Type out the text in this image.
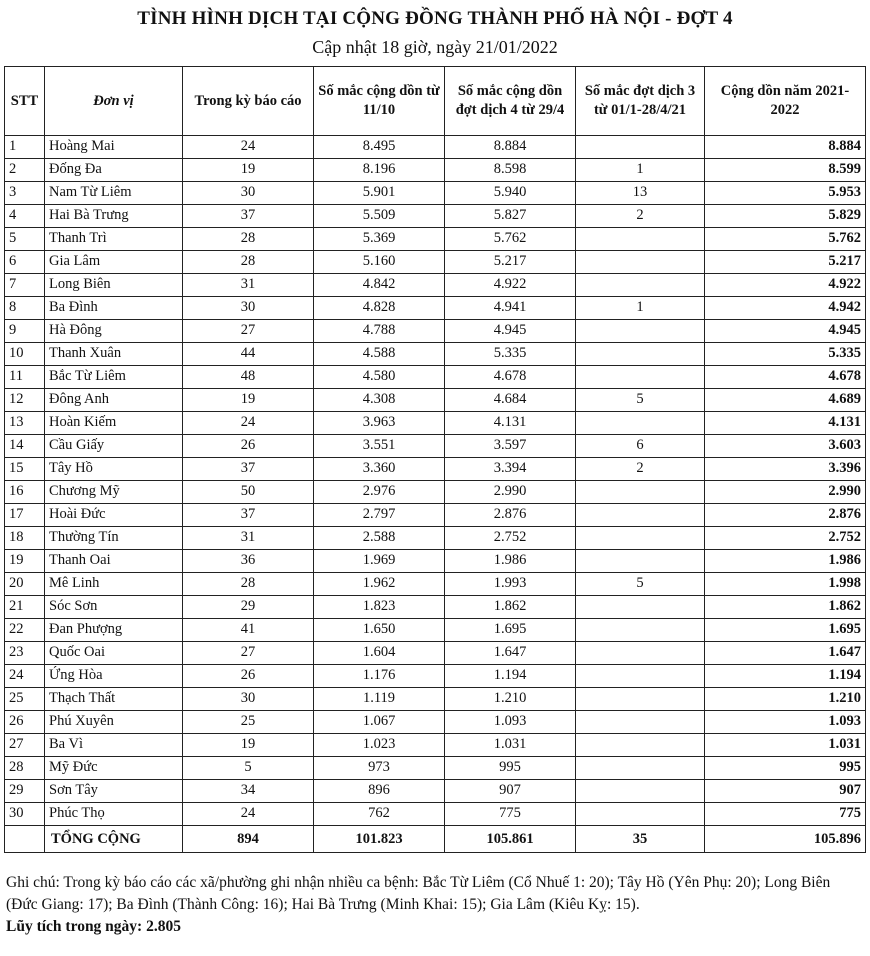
TÌNH HÌNH DỊCH TẠI CỘNG ĐỒNG THÀNH PHỐ HÀ NỘI - ĐỢT 4
Cập nhật 18 giờ, ngày 21/01/2022
STT	Đơn vị	Trong kỳ báo cáo	Số mắc cộng dồn từ 11/10	Số mắc cộng dồn đợt dịch 4 từ 29/4	Số mắc đợt dịch 3 từ 01/1-28/4/21	Cộng dồn năm 2021-2022
1	Hoàng Mai	24	8.495	8.884		8.884
2	Đống Đa	19	8.196	8.598	1	8.599
3	Nam Từ Liêm	30	5.901	5.940	13	5.953
4	Hai Bà Trưng	37	5.509	5.827	2	5.829
5	Thanh Trì	28	5.369	5.762		5.762
6	Gia Lâm	28	5.160	5.217		5.217
7	Long Biên	31	4.842	4.922		4.922
8	Ba Đình	30	4.828	4.941	1	4.942
9	Hà Đông	27	4.788	4.945		4.945
10	Thanh Xuân	44	4.588	5.335		5.335
11	Bắc Từ Liêm	48	4.580	4.678		4.678
12	Đông Anh	19	4.308	4.684	5	4.689
13	Hoàn Kiếm	24	3.963	4.131		4.131
14	Cầu Giấy	26	3.551	3.597	6	3.603
15	Tây Hồ	37	3.360	3.394	2	3.396
16	Chương Mỹ	50	2.976	2.990		2.990
17	Hoài Đức	37	2.797	2.876		2.876
18	Thường Tín	31	2.588	2.752		2.752
19	Thanh Oai	36	1.969	1.986		1.986
20	Mê Linh	28	1.962	1.993	5	1.998
21	Sóc Sơn	29	1.823	1.862		1.862
22	Đan Phượng	41	1.650	1.695		1.695
23	Quốc Oai	27	1.604	1.647		1.647
24	Ứng Hòa	26	1.176	1.194		1.194
25	Thạch Thất	30	1.119	1.210		1.210
26	Phú Xuyên	25	1.067	1.093		1.093
27	Ba Vì	19	1.023	1.031		1.031
28	Mỹ Đức	5	973	995		995
29	Sơn Tây	34	896	907		907
30	Phúc Thọ	24	762	775		775
	TỔNG CỘNG	894	101.823	105.861	35	105.896
Ghi chú: Trong kỳ báo cáo các xã/phường ghi nhận nhiều ca bệnh: Bắc Từ Liêm (Cổ Nhuế 1: 20); Tây Hồ (Yên Phụ: 20); Long Biên (Đức Giang: 17); Ba Đình (Thành Công: 16); Hai Bà Trưng (Minh Khai: 15); Gia Lâm (Kiêu Kỵ: 15).
Lũy tích trong ngày: 2.805
